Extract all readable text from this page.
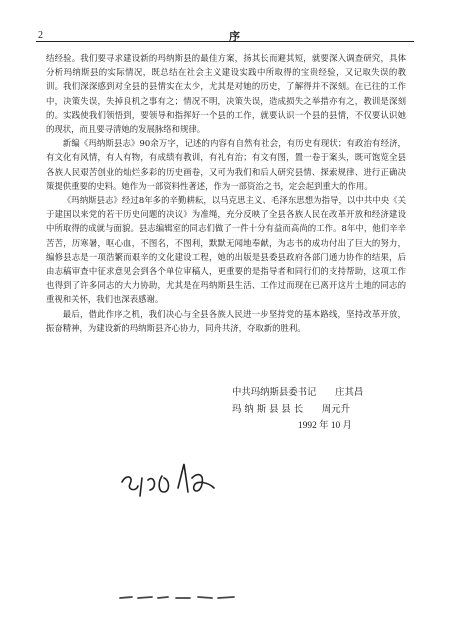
2	序

结经验。我们要寻求建设新的玛纳斯县的最佳方案，扬其长而避其短，就要深入调查研究，具体分析玛纳斯县的实际情况，既总结在社会主义建设实践中所取得的宝贵经验，又记取失误的教训。我们深深感到对全县的县情实在太少，尤其是对她的历史，了解得并不深刻。在已往的工作中，决策失误，失掉良机之事有之；情况不明，决策失误，造成损失之举措亦有之，教训是深刻的。实践使我们领悟到，要领导和指挥好一个县的工作，就要认识一个县的县情，不仅要认识她的现状，而且要寻清她的发展脉络和规律。

新编《玛纳斯县志》90余万字，记述的内容有自然有社会，有历史有现状；有政治有经济，有文化有风情，有人有物，有成绩有教训，有礼有治；有文有图，置一卷于案头，既可饱览全县各族人民艰苦创业的灿烂多彩的历史画卷，又可为我们和后人研究县情、探索规律、进行正确决策提供重要的史料。她作为一部资料性著述，作为一部资治之书，定会起到重大的作用。

《玛纳斯县志》经过8年多的辛勤耕耘，以马克思主义、毛泽东思想为指导，以中共中央《关于建国以来党的若干历史问题的决议》为准绳，充分反映了全县各族人民在改革开放和经济建设中所取得的成就与面貌。县志编辑室的同志们做了一件十分有益而高尚的工作。8年中，他们辛辛苦苦，历寒暑，呕心血，不图名，不图利，默默无闻地奉献，为志书的成功付出了巨大的努力，编修县志是一项浩繁而艰辛的文化建设工程，她的出版是县委县政府各部门通力协作的结果，后由志稿审查中征求意见会到各个单位审稿人，更重要的是指导者和同行们的支持帮助，这项工作也得到了许多同志的大力协助，尤其是在玛纳斯县生活、工作过而现在已离开这片土地的同志的重视和关怀，我们也深表感谢。

最后，借此作序之机，我们决心与全县各族人民进一步坚持党的基本路线，坚持改革开放，振奋精神，为建设新的玛纳斯县齐心协力，同舟共济，夺取新的胜利。

中共玛纳斯县委书记　　庄其昌
玛 纳 斯 县 县 长　　周元升
1992 年 10 月
